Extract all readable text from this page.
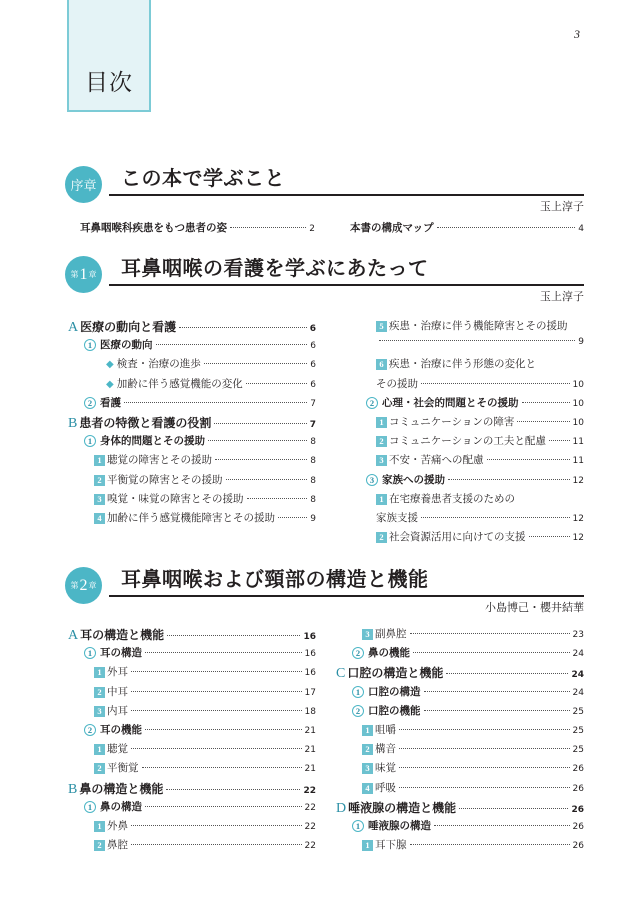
目次
3
序章 この本で学ぶこと
玉上淳子
耳鼻咽喉科疾患をもつ患者の姿	2	本書の構成マップ	4
第 1 章 耳鼻咽喉の看護を学ぶにあたって
玉上淳子
A 医療の動向と看護	6
1 医療の動向	6
◆ 検査・治療の進歩	6
◆ 加齢に伴う感覚機能の変化	6
2 看護	7
B 患者の特徴と看護の役割	7
1 身体的問題とその援助	8
1 聴覚の障害とその援助	8
2 平衡覚の障害とその援助	8
3 嗅覚・味覚の障害とその援助	8
4 加齢に伴う感覚機能障害とその援助	9
5 疾患・治療に伴う機能障害とその援助
9
6 疾患・治療に伴う形態の変化と
その援助	10
2 心理・社会的問題とその援助	10
1 コミュニケーションの障害	10
2 コミュニケーションの工夫と配慮	11
3 不安・苦痛への配慮	11
3 家族への援助	12
1 在宅療養患者支援のための
家族支援	12
2 社会資源活用に向けての支援	12
第 2 章 耳鼻咽喉および頸部の構造と機能
小島博己・櫻井結華
A 耳の構造と機能	16
1 耳の構造	16
1 外耳	16
2 中耳	17
3 内耳	18
2 耳の機能	21
1 聴覚	21
2 平衡覚	21
B 鼻の構造と機能	22
1 鼻の構造	22
1 外鼻	22
2 鼻腔	22
3 副鼻腔	23
2 鼻の機能	24
C 口腔の構造と機能	24
1 口腔の構造	24
2 口腔の機能	25
1 咀嚼	25
2 構音	25
3 味覚	26
4 呼吸	26
D 唾液腺の構造と機能	26
1 唾液腺の構造	26
1 耳下腺	26
